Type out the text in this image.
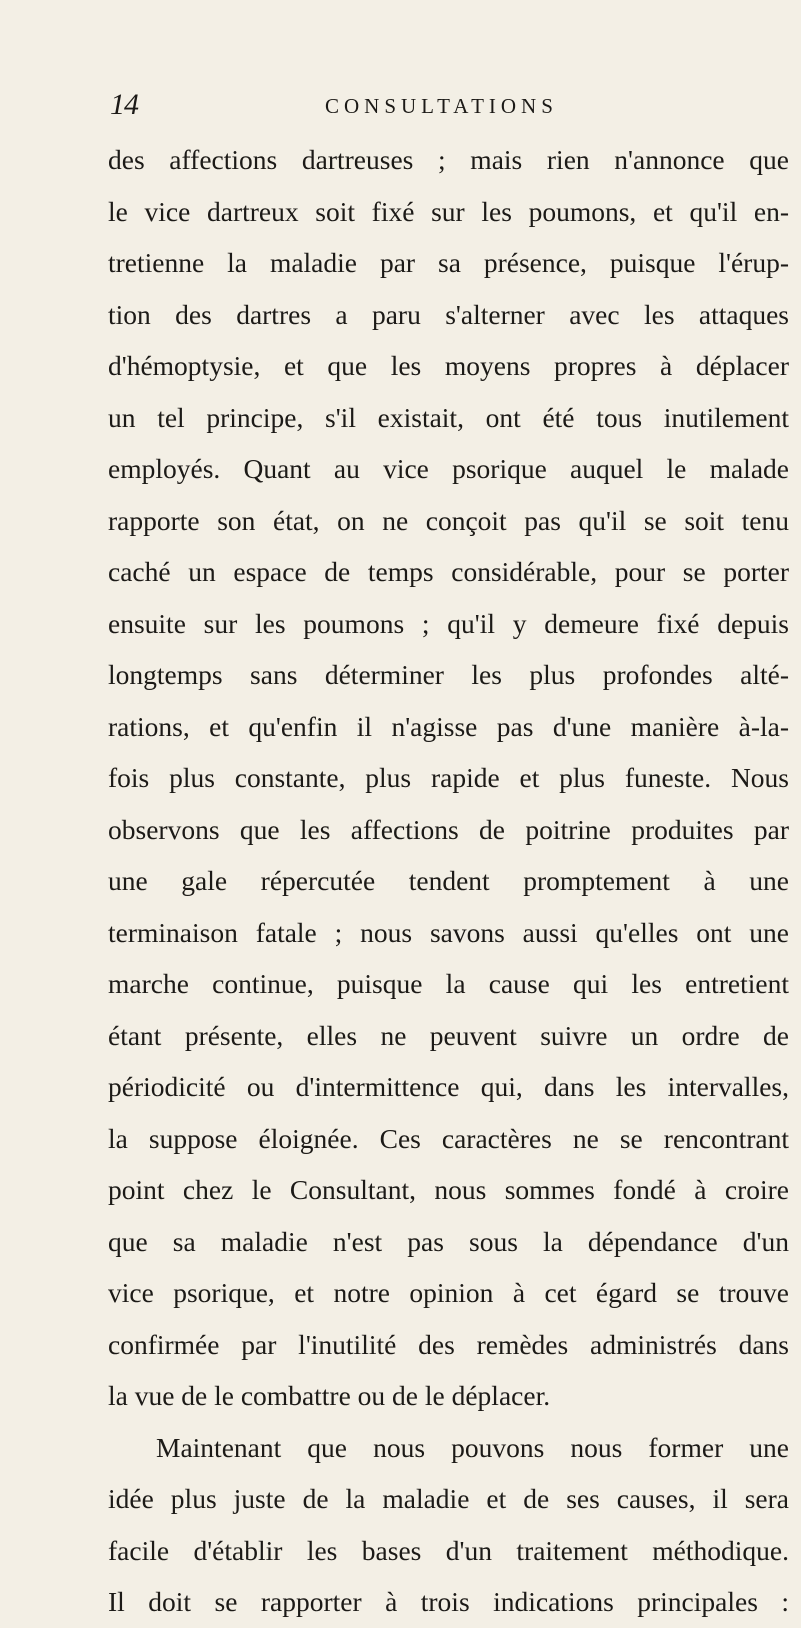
14	CONSULTATIONS
des affections dartreuses ; mais rien n'annonce que
le vice dartreux soit fixé sur les poumons, et qu'il en-
tretienne la maladie par sa présence, puisque l'érup-
tion des dartres a paru s'alterner avec les attaques
d'hémoptysie, et que les moyens propres à déplacer
un tel principe, s'il existait, ont été tous inutilement
employés. Quant au vice psorique auquel le malade
rapporte son état, on ne conçoit pas qu'il se soit tenu
caché un espace de temps considérable, pour se porter
ensuite sur les poumons ; qu'il y demeure fixé depuis
longtemps sans déterminer les plus profondes alté-
rations, et qu'enfin il n'agisse pas d'une manière à-la-
fois plus constante, plus rapide et plus funeste. Nous
observons que les affections de poitrine produites par
une gale répercutée tendent promptement à une
terminaison fatale ; nous savons aussi qu'elles ont une
marche continue, puisque la cause qui les entretient
étant présente, elles ne peuvent suivre un ordre de
périodicité ou d'intermittence qui, dans les intervalles,
la suppose éloignée. Ces caractères ne se rencontrant
point chez le Consultant, nous sommes fondé à croire
que sa maladie n'est pas sous la dépendance d'un
vice psorique, et notre opinion à cet égard se trouve
confirmée par l'inutilité des remèdes administrés dans
la vue de le combattre ou de le déplacer.
Maintenant que nous pouvons nous former une
idée plus juste de la maladie et de ses causes, il sera
facile d'établir les bases d'un traitement méthodique.
Il doit se rapporter à trois indications principales :
